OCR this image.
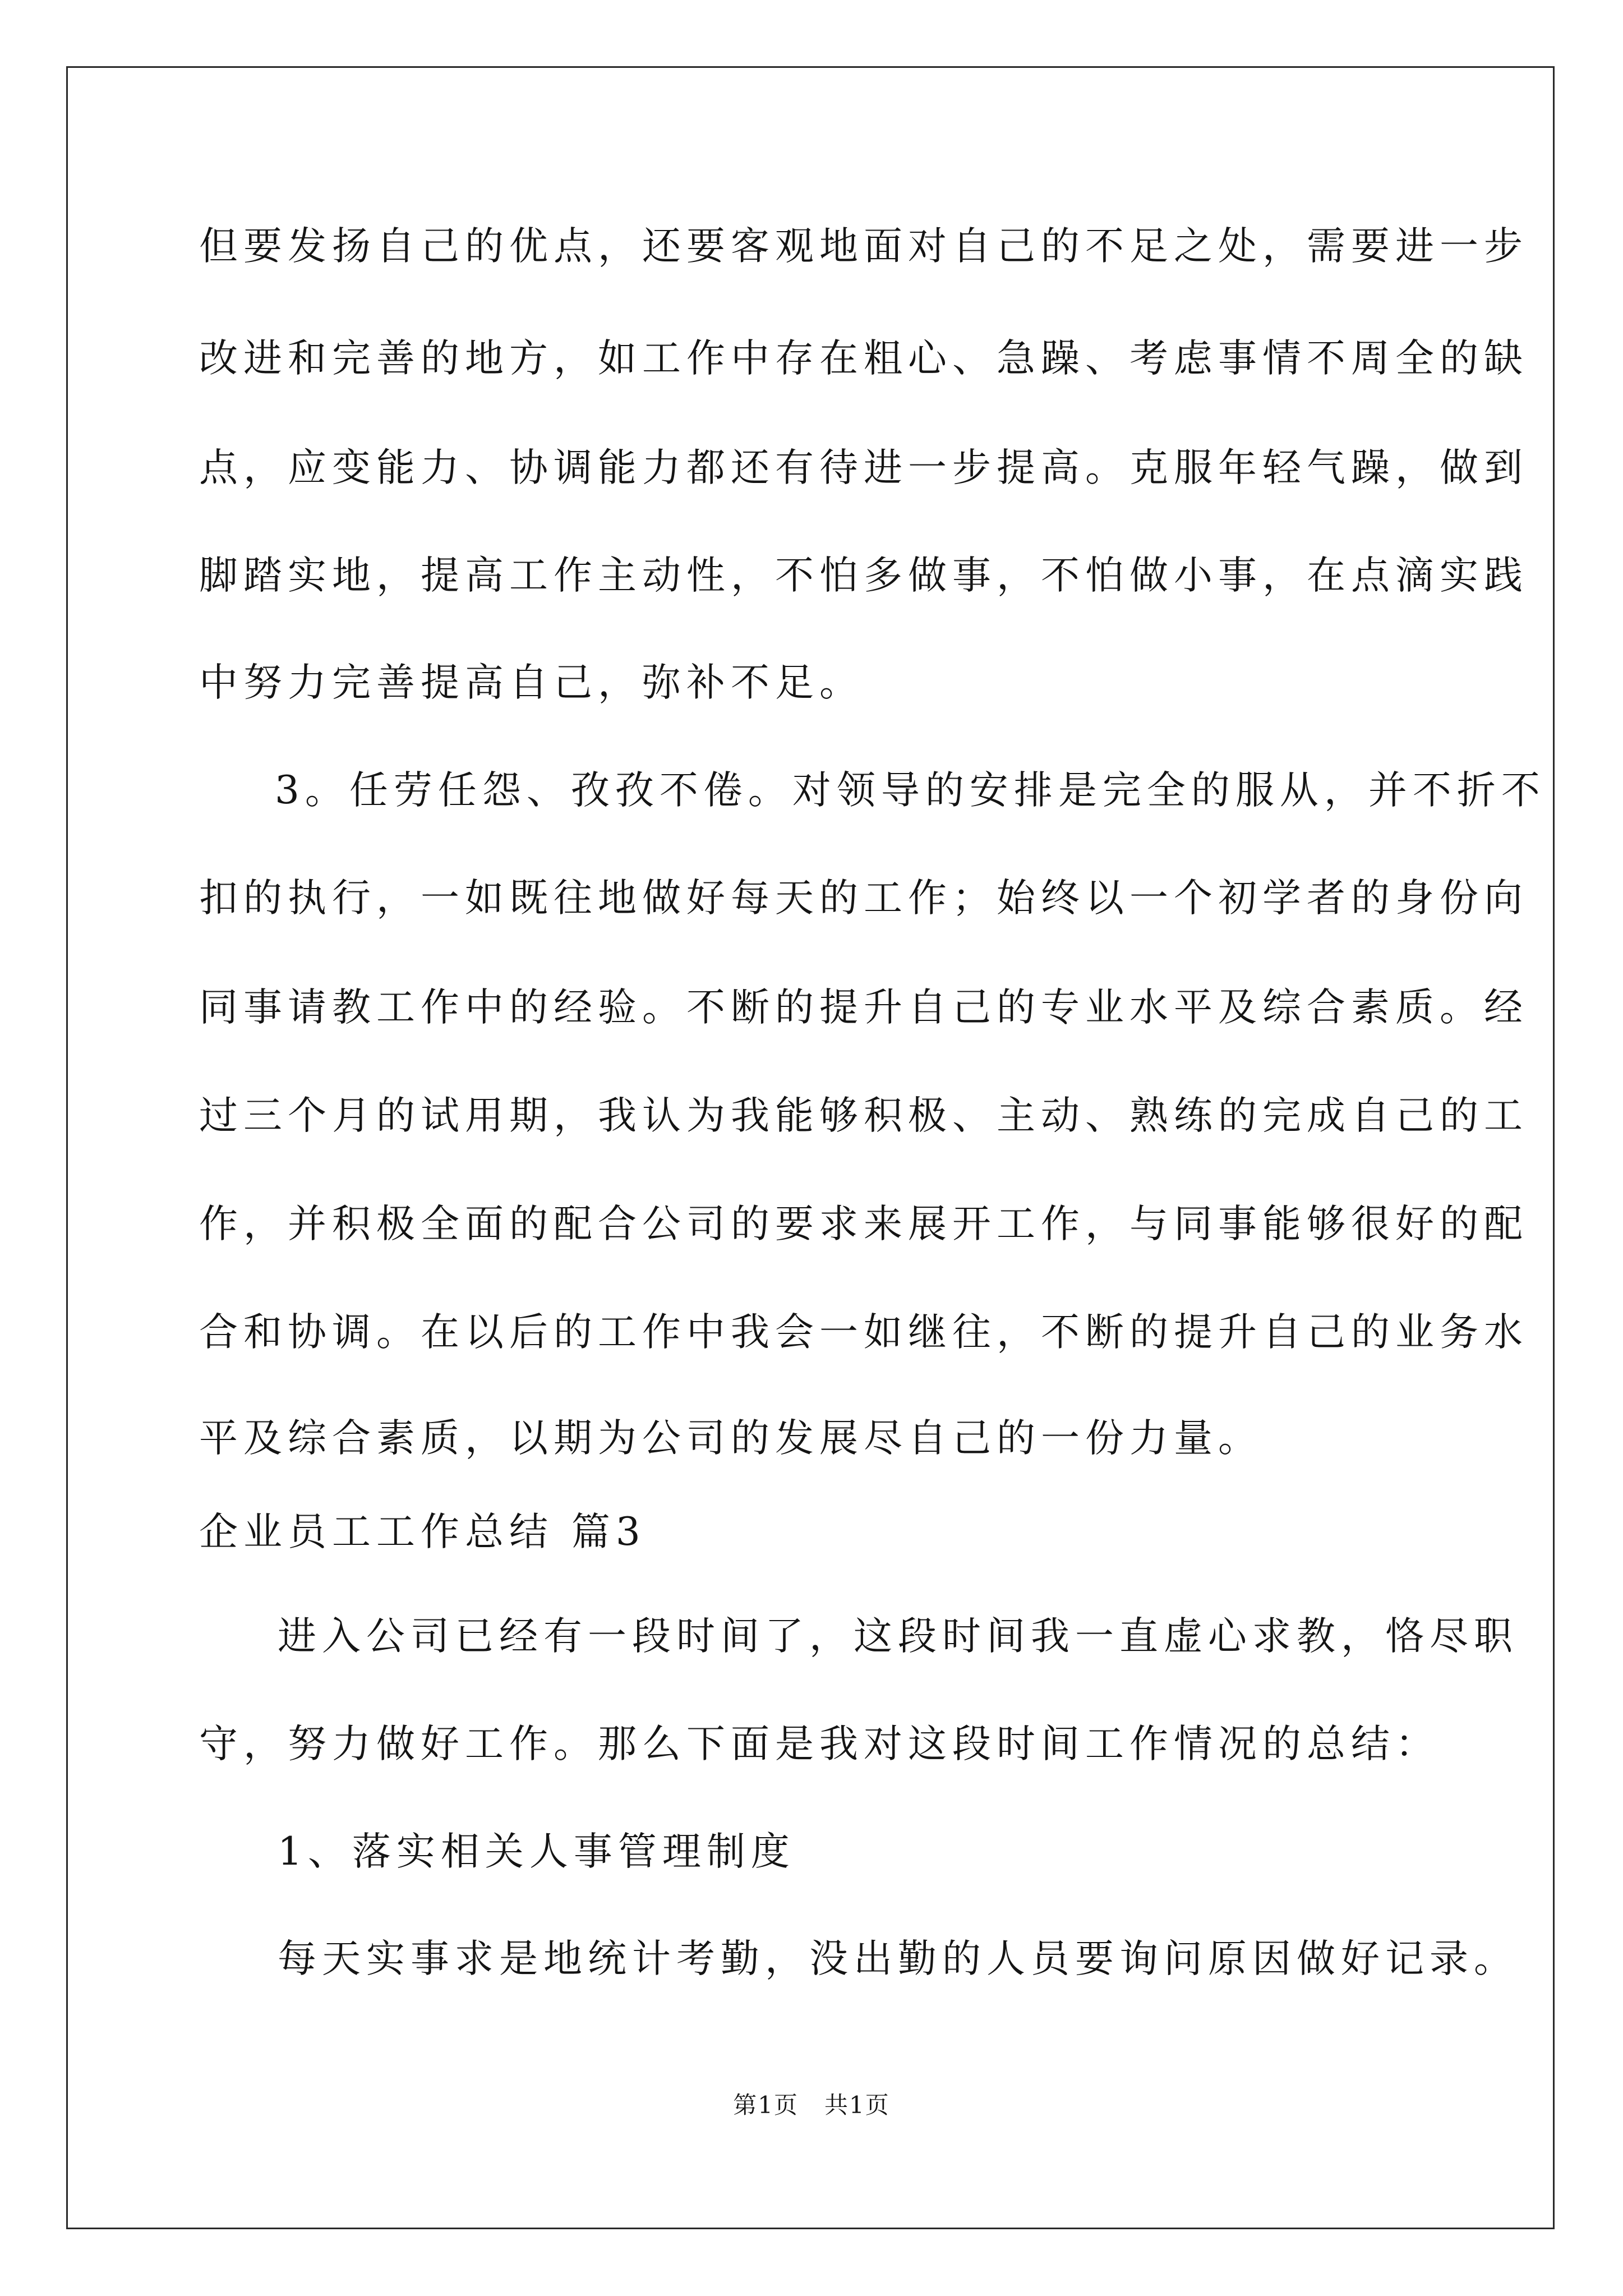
但要发扬自己的优点，还要客观地面对自己的不足之处，需要进一步
改进和完善的地方，如工作中存在粗心、急躁、考虑事情不周全的缺
点，应变能力、协调能力都还有待进一步提高。克服年轻气躁，做到
脚踏实地，提高工作主动性，不怕多做事，不怕做小事，在点滴实践
中努力完善提高自己，弥补不足。
3。任劳任怨、孜孜不倦。对领导的安排是完全的服从，并不折不
扣的执行，一如既往地做好每天的工作；始终以一个初学者的身份向
同事请教工作中的经验。不断的提升自己的专业水平及综合素质。经
过三个月的试用期，我认为我能够积极、主动、熟练的完成自己的工
作，并积极全面的配合公司的要求来展开工作，与同事能够很好的配
合和协调。在以后的工作中我会一如继往，不断的提升自己的业务水
平及综合素质，以期为公司的发展尽自己的一份力量。
企业员工工作总结 篇3
进入公司已经有一段时间了，这段时间我一直虚心求教，恪尽职
守，努力做好工作。那么下面是我对这段时间工作情况的总结：
1、落实相关人事管理制度
每天实事求是地统计考勤，没出勤的人员要询问原因做好记录。
第1页   共1页
